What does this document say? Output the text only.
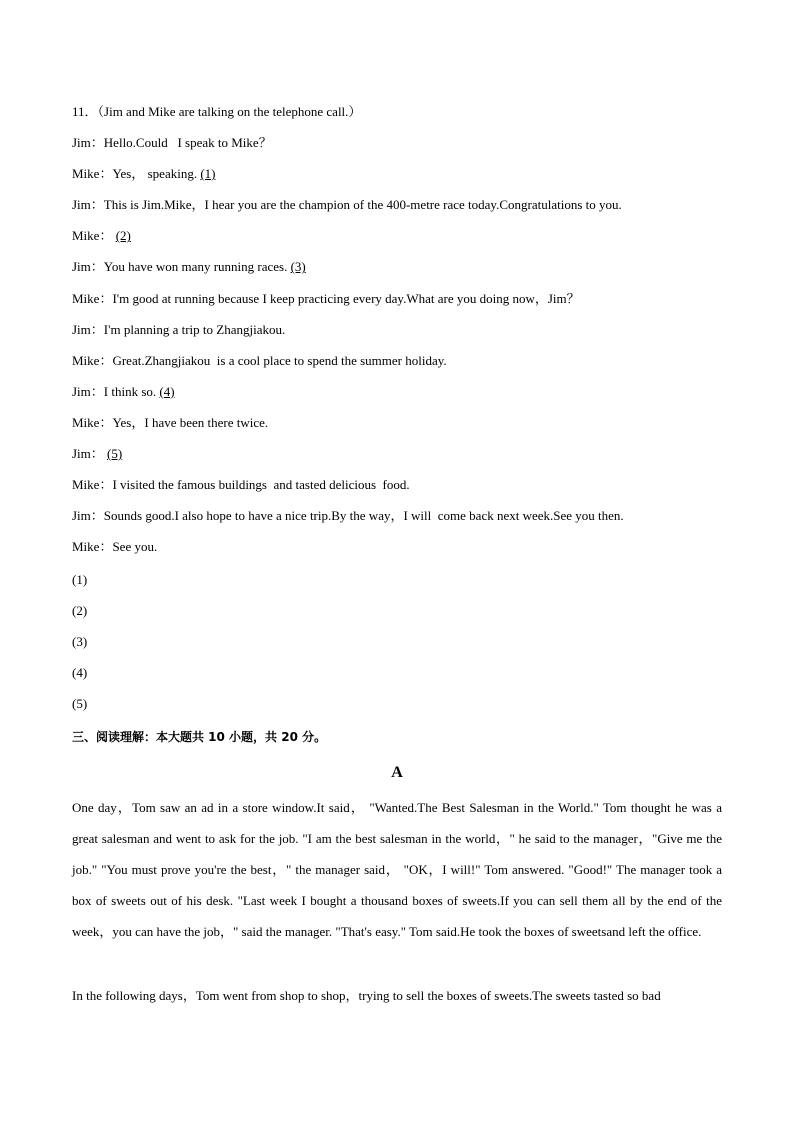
11．（Jim and Mike are talking on the telephone call.）
Jim：Hello.Could   I speak to Mike？
Mike：Yes， speaking. (1)
Jim：This is Jim.Mike，I hear you are the champion of the 400-metre race today.Congratulations to you.
Mike： (2)
Jim：You have won many running races. (3)
Mike：I'm good at running because I keep practicing every day.What are you doing now，Jim？
Jim：I'm planning a trip to Zhangjiakou.
Mike：Great.Zhangjiakou  is a cool place to spend the summer holiday.
Jim：I think so. (4)
Mike：Yes，I have been there twice.
Jim： (5)
Mike：I visited the famous buildings  and tasted delicious  food.
Jim：Sounds good.I also hope to have a nice trip.By the way，I will  come back next week.See you then.
Mike：See you.
(1)
(2)
(3)
(4)
(5)
三、阅读理解：本大题共 10 小题，共 20 分。
A
One day，Tom saw an ad in a store window.It said， "Wanted.The Best Salesman in the World." Tom thought he was a great salesman and went to ask for the job. "I am the best salesman in the world，" he said to the manager，"Give me the job." "You must prove you're the best，" the manager said， "OK，I will!" Tom answered. "Good!" The manager took a box of sweets out of his desk. "Last week I bought a thousand boxes of sweets.If you can sell them all by the end of the week，you can have the job，" said the manager. "That's easy." Tom said.He took the boxes of sweetsand left the office.
In the following days，Tom went from shop to shop，trying to sell the boxes of sweets.The sweets tasted so bad
